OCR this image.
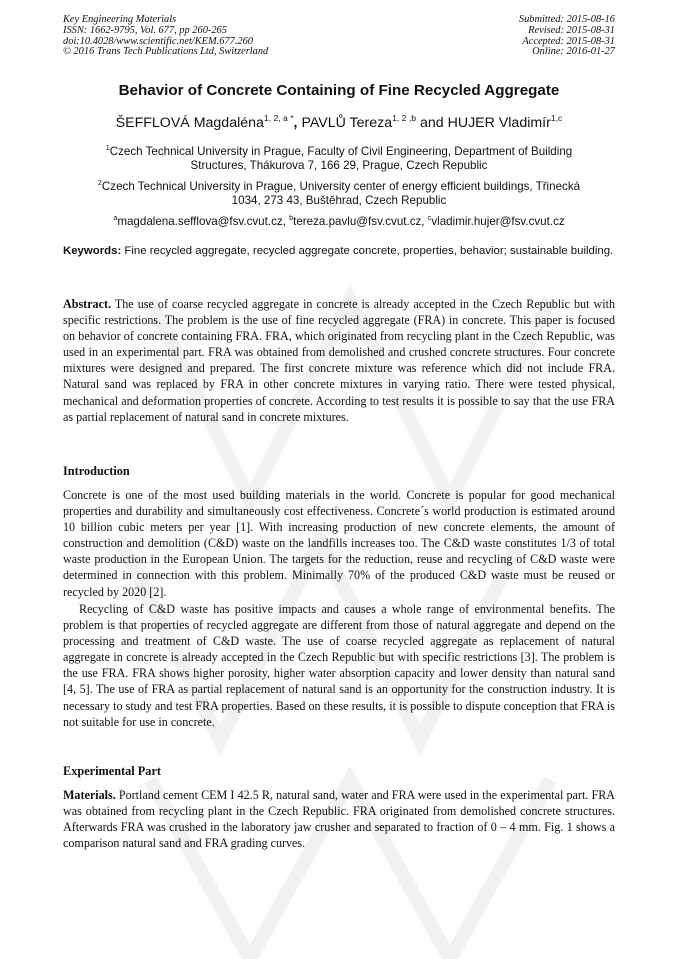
Key Engineering Materials
ISSN: 1662-9795, Vol. 677, pp 260-265
doi:10.4028/www.scientific.net/KEM.677.260
© 2016 Trans Tech Publications Ltd, Switzerland
Submitted: 2015-08-16
Revised: 2015-08-31
Accepted: 2015-08-31
Online: 2016-01-27
Behavior of Concrete Containing of Fine Recycled Aggregate
ŠEFFLOVÁ Magdaléna$^{1, 2, a *}$, PAVLŮ Tereza$^{1, 2 ,b}$ and HUJER Vladimír$^{1,c}$
$^1$Czech Technical University in Prague, Faculty of Civil Engineering, Department of Building
Structures, Thákurova 7, 166 29, Prague, Czech Republic
$^2$Czech Technical University in Prague, University center of energy efficient buildings, Třinecká
1034, 273 43, Buštěhrad, Czech Republic
$^a$magdalena.sefflova@fsv.cvut.cz, $^b$tereza.pavlu@fsv.cvut.cz, $^c$vladimir.hujer@fsv.cvut.cz
Keywords: Fine recycled aggregate, recycled aggregate concrete, properties, behavior; sustainable building.
Abstract. The use of coarse recycled aggregate in concrete is already accepted in the Czech Republic but with specific restrictions. The problem is the use of fine recycled aggregate (FRA) in concrete. This paper is focused on behavior of concrete containing FRA. FRA, which originated from recycling plant in the Czech Republic, was used in an experimental part. FRA was obtained from demolished and crushed concrete structures. Four concrete mixtures were designed and prepared. The first concrete mixture was reference which did not include FRA. Natural sand was replaced by FRA in other concrete mixtures in varying ratio. There were tested physical, mechanical and deformation properties of concrete. According to test results it is possible to say that the use FRA as partial replacement of natural sand in concrete mixtures.
Introduction
Concrete is one of the most used building materials in the world. Concrete is popular for good mechanical properties and durability and simultaneously cost effectiveness. Concrete´s world production is estimated around 10 billion cubic meters per year [1]. With increasing production of new concrete elements, the amount of construction and demolition (C&D) waste on the landfills increases too. The C&D waste constitutes 1/3 of total waste production in the European Union. The targets for the reduction, reuse and recycling of C&D waste were determined in connection with this problem. Minimally 70% of the produced C&D waste must be reused or recycled by 2020 [2].
Recycling of C&D waste has positive impacts and causes a whole range of environmental benefits. The problem is that properties of recycled aggregate are different from those of natural aggregate and depend on the processing and treatment of C&D waste. The use of coarse recycled aggregate as replacement of natural aggregate in concrete is already accepted in the Czech Republic but with specific restrictions [3]. The problem is the use FRA. FRA shows higher porosity, higher water absorption capacity and lower density than natural sand [4, 5]. The use of FRA as partial replacement of natural sand is an opportunity for the construction industry. It is necessary to study and test FRA properties. Based on these results, it is possible to dispute conception that FRA is not suitable for use in concrete.
Experimental Part
Materials. Portland cement CEM I 42.5 R, natural sand, water and FRA were used in the experimental part. FRA was obtained from recycling plant in the Czech Republic. FRA originated from demolished concrete structures. Afterwards FRA was crushed in the laboratory jaw crusher and separated to fraction of 0 – 4 mm. Fig. 1 shows a comparison natural sand and FRA grading curves.
